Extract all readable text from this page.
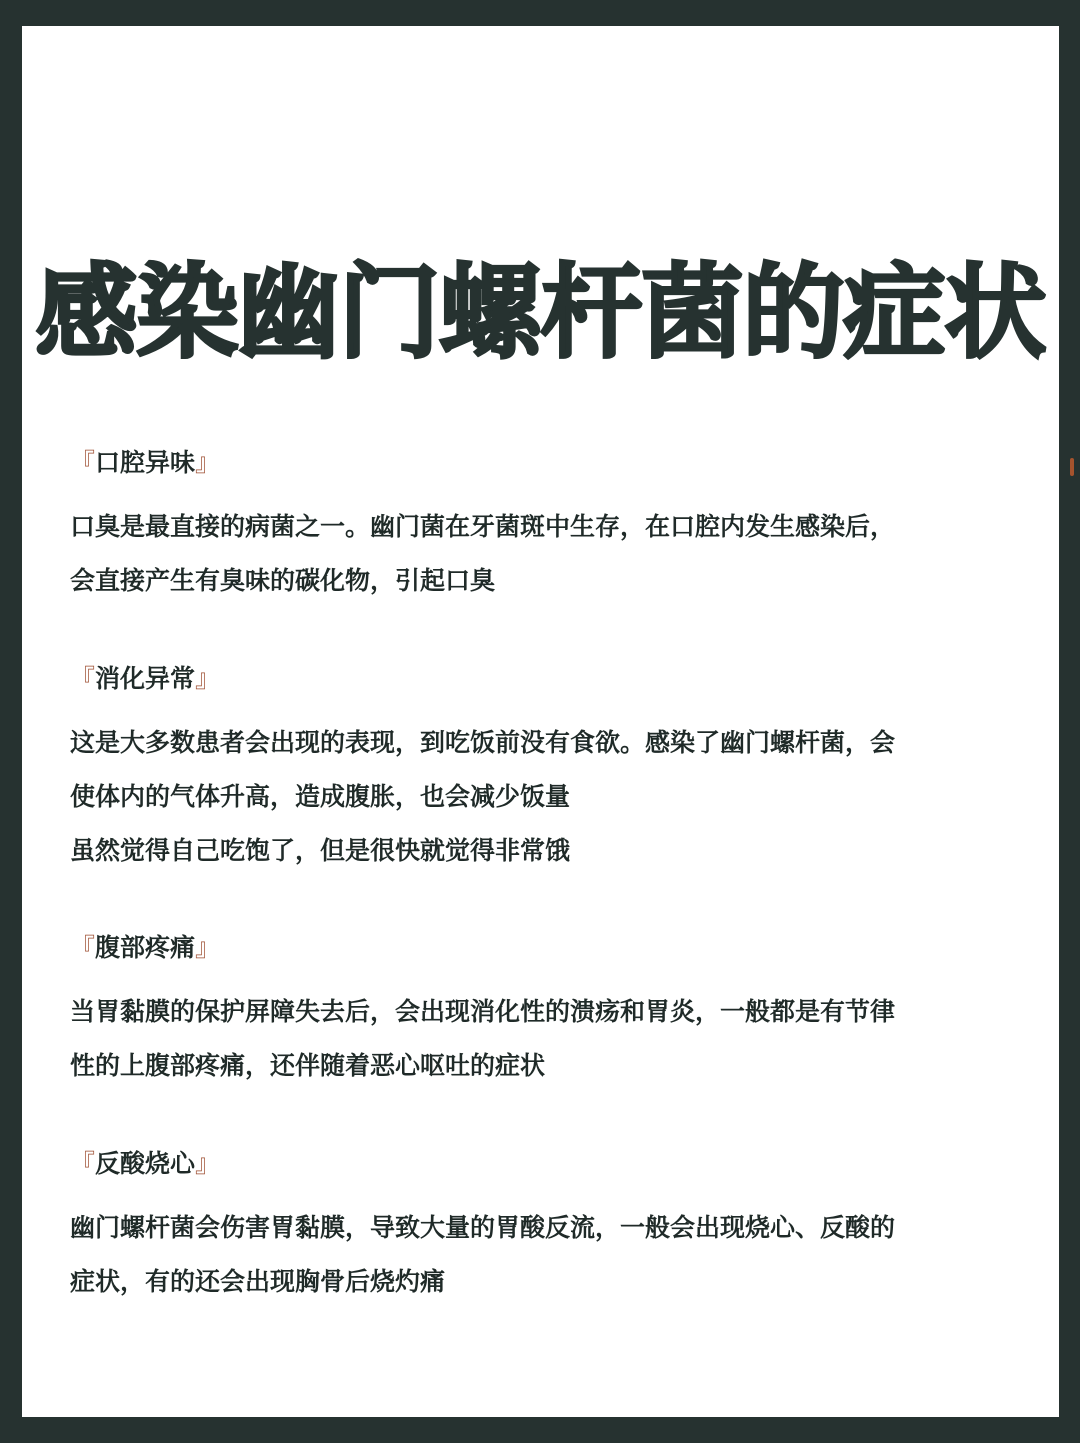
感染幽门螺杆菌的症状
『口腔异味』
口臭是最直接的病菌之一。幽门菌在牙菌斑中生存，在口腔内发生感染后，
会直接产生有臭味的碳化物，引起口臭
『消化异常』
这是大多数患者会出现的表现，到吃饭前没有食欲。感染了幽门螺杆菌，会
使体内的气体升高，造成腹胀，也会减少饭量
虽然觉得自己吃饱了，但是很快就觉得非常饿
『腹部疼痛』
当胃黏膜的保护屏障失去后，会出现消化性的溃疡和胃炎，一般都是有节律
性的上腹部疼痛，还伴随着恶心呕吐的症状
『反酸烧心』
幽门螺杆菌会伤害胃黏膜，导致大量的胃酸反流，一般会出现烧心、反酸的
症状，有的还会出现胸骨后烧灼痛
